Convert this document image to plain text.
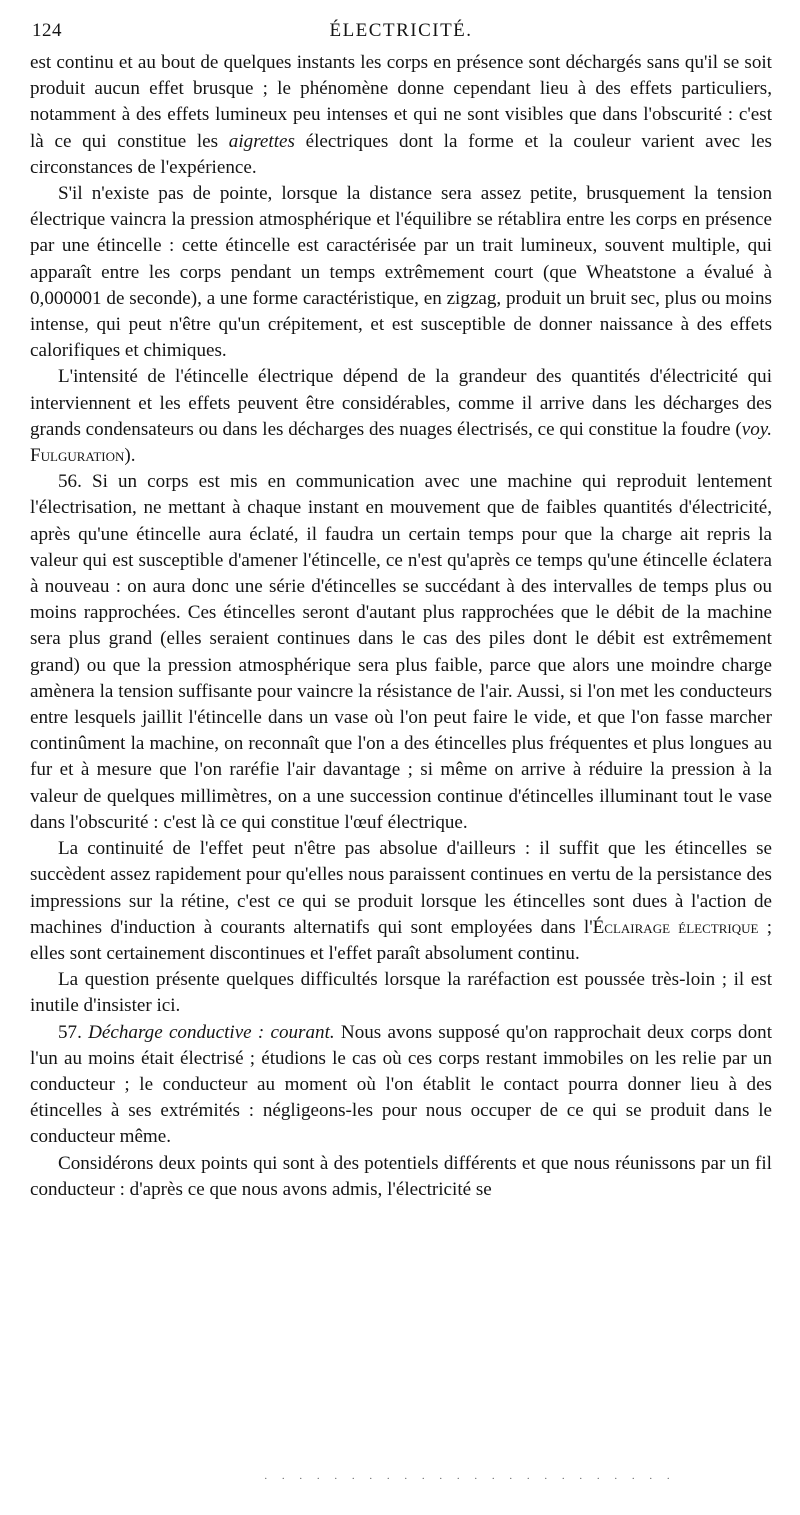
124	ÉLECTRICITÉ.

est continu et au bout de quelques instants les corps en présence sont déchargés sans qu'il se soit produit aucun effet brusque ; le phénomène donne cependant lieu à des effets particuliers, notamment à des effets lumineux peu intenses et qui ne sont visibles que dans l'obscurité : c'est là ce qui constitue les aigrettes électriques dont la forme et la couleur varient avec les circonstances de l'expérience.

S'il n'existe pas de pointe, lorsque la distance sera assez petite, brusquement la tension électrique vaincra la pression atmosphérique et l'équilibre se rétablira entre les corps en présence par une étincelle : cette étincelle est caractérisée par un trait lumineux, souvent multiple, qui apparaît entre les corps pendant un temps extrêmement court (que Wheatstone a évalué à 0,000001 de seconde), a une forme caractéristique, en zigzag, produit un bruit sec, plus ou moins intense, qui peut n'être qu'un crépitement, et est susceptible de donner naissance à des effets calorifiques et chimiques.

L'intensité de l'étincelle électrique dépend de la grandeur des quantités d'électricité qui interviennent et les effets peuvent être considérables, comme il arrive dans les décharges des grands condensateurs ou dans les décharges des nuages électrisés, ce qui constitue la foudre (voy. Fulguration).

56. Si un corps est mis en communication avec une machine qui reproduit lentement l'électrisation, ne mettant à chaque instant en mouvement que de faibles quantités d'électricité, après qu'une étincelle aura éclaté, il faudra un certain temps pour que la charge ait repris la valeur qui est susceptible d'amener l'étincelle, ce n'est qu'après ce temps qu'une étincelle éclatera à nouveau : on aura donc une série d'étincelles se succédant à des intervalles de temps plus ou moins rapprochées. Ces étincelles seront d'autant plus rapprochées que le débit de la machine sera plus grand (elles seraient continues dans le cas des piles dont le débit est extrêmement grand) ou que la pression atmosphérique sera plus faible, parce que alors une moindre charge amènera la tension suffisante pour vaincre la résistance de l'air. Aussi, si l'on met les conducteurs entre lesquels jaillit l'étincelle dans un vase où l'on peut faire le vide, et que l'on fasse marcher continûment la machine, on reconnaît que l'on a des étincelles plus fréquentes et plus longues au fur et à mesure que l'on raréfie l'air davantage ; si même on arrive à réduire la pression à la valeur de quelques millimètres, on a une succession continue d'étincelles illuminant tout le vase dans l'obscurité : c'est là ce qui constitue l'œuf électrique.

La continuité de l'effet peut n'être pas absolue d'ailleurs : il suffit que les étincelles se succèdent assez rapidement pour qu'elles nous paraissent continues en vertu de la persistance des impressions sur la rétine, c'est ce qui se produit lorsque les étincelles sont dues à l'action de machines d'induction à courants alternatifs qui sont employées dans l'Éclairage électrique ; elles sont certainement discontinues et l'effet paraît absolument continu.

La question présente quelques difficultés lorsque la raréfaction est poussée très-loin ; il est inutile d'insister ici.

57. Décharge conductive : courant. Nous avons supposé qu'on rapprochait deux corps dont l'un au moins était électrisé ; étudions le cas où ces corps restant immobiles on les relie par un conducteur ; le conducteur au moment où l'on établit le contact pourra donner lieu à des étincelles à ses extrémités : négligeons-les pour nous occuper de ce qui se produit dans le conducteur même.

Considérons deux points qui sont à des potentiels différents et que nous réunissons par un fil conducteur : d'après ce que nous avons admis, l'électricité se

. . . . . . . . . . . . . . . . . . . . . . . .
